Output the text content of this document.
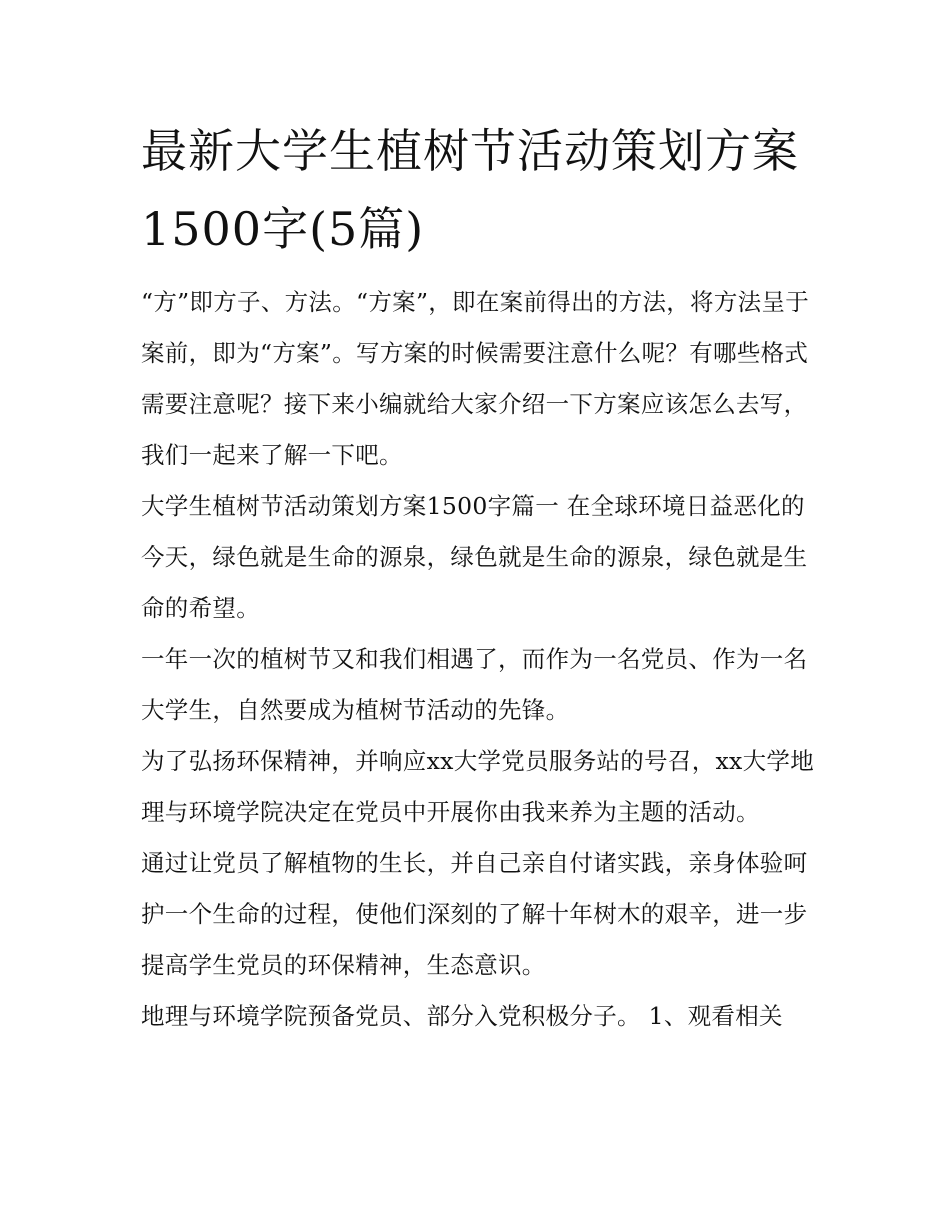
最新大学生植树节活动策划方案1500字(5篇)

“方”即方子、方法。“方案”，即在案前得出的方法，将方法呈于案前，即为“方案”。写方案的时候需要注意什么呢？有哪些格式需要注意呢？接下来小编就给大家介绍一下方案应该怎么去写，我们一起来了解一下吧。

大学生植树节活动策划方案1500字篇一 在全球环境日益恶化的今天，绿色就是生命的源泉，绿色就是生命的源泉，绿色就是生命的希望。

一年一次的植树节又和我们相遇了，而作为一名党员、作为一名大学生，自然要成为植树节活动的先锋。

为了弘扬环保精神，并响应xx大学党员服务站的号召，xx大学地理与环境学院决定在党员中开展你由我来养为主题的活动。

通过让党员了解植物的生长，并自己亲自付诸实践，亲身体验呵 护一个生命的过程，使他们深刻的了解十年树木的艰辛，进一步 提高学生党员的环保精神，生态意识。

地理与环境学院预备党员、部分入党积极分子。 1、观看相关
